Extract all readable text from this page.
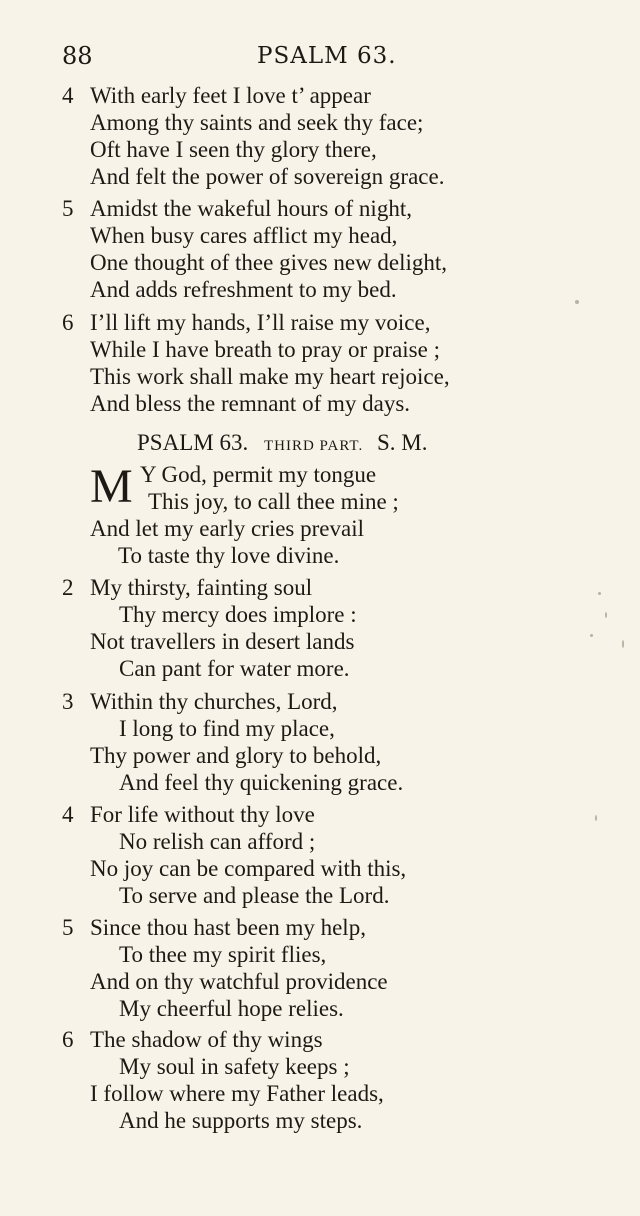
88	PSALM 63.
4 With early feet I love t’ appear
Among thy saints and seek thy face;
Oft have I seen thy glory there,
And felt the power of sovereign grace.
5 Amidst the wakeful hours of night,
When busy cares afflict my head,
One thought of thee gives new delight,
And adds refreshment to my bed.
6 I’ll lift my hands, I’ll raise my voice,
While I have breath to pray or praise ;
This work shall make my heart rejoice,
And bless the remnant of my days.
PSALM 63. THIRD PART. S. M.
M Y God, permit my tongue
This joy, to call thee mine ;
And let my early cries prevail
To taste thy love divine.
2 My thirsty, fainting soul
Thy mercy does implore :
Not travellers in desert lands
Can pant for water more.
3 Within thy churches, Lord,
I long to find my place,
Thy power and glory to behold,
And feel thy quickening grace.
4 For life without thy love
No relish can afford ;
No joy can be compared with this,
To serve and please the Lord.
5 Since thou hast been my help,
To thee my spirit flies,
And on thy watchful providence
My cheerful hope relies.
6 The shadow of thy wings
My soul in safety keeps ;
I follow where my Father leads,
And he supports my steps.
